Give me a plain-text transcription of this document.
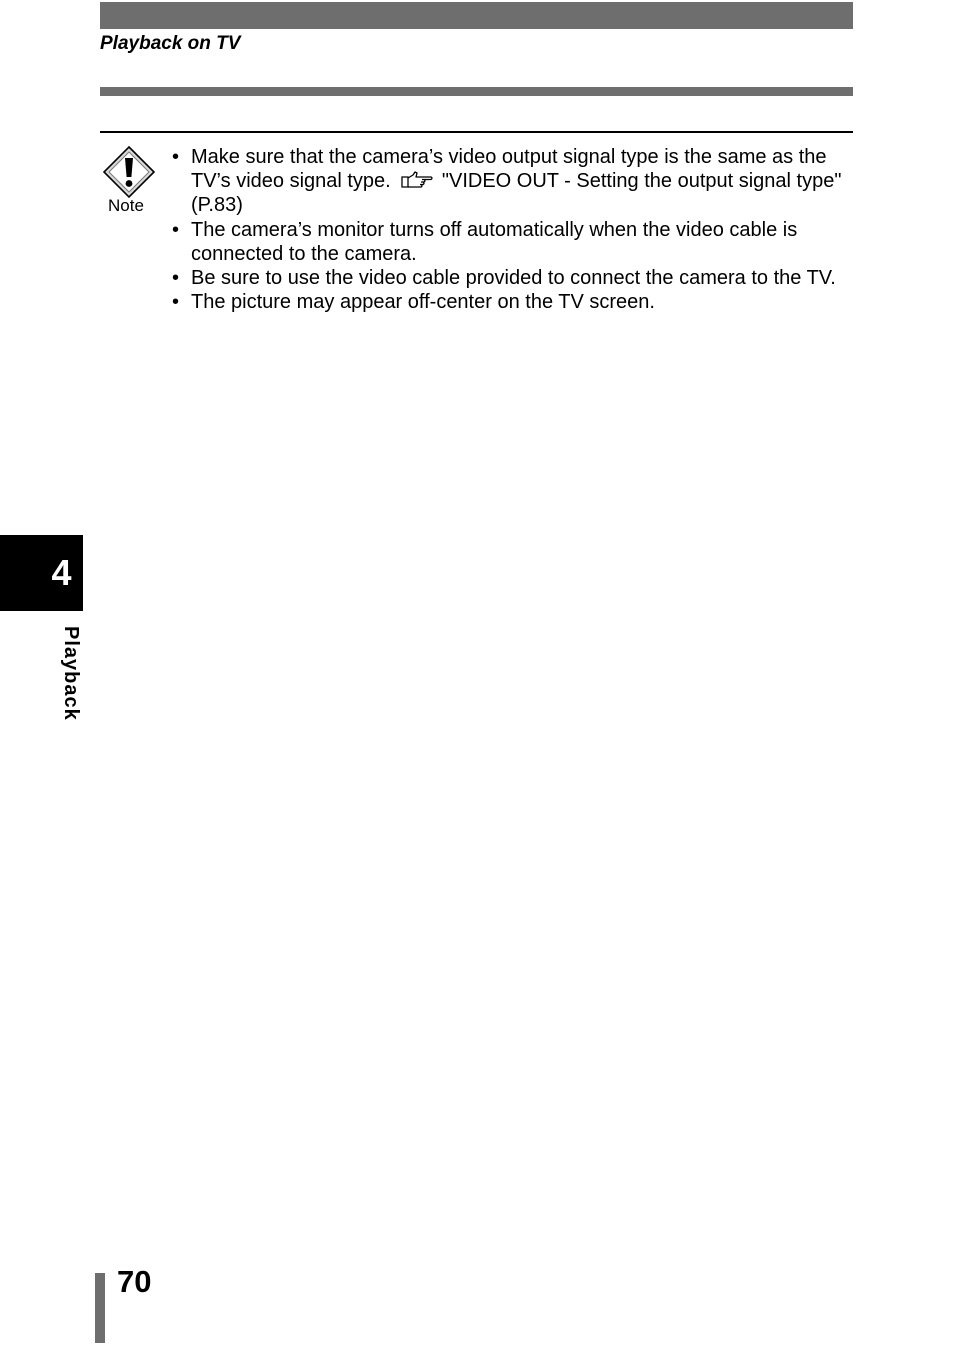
Playback on TV
Note
• Make sure that the camera’s video output signal type is the same as the TV’s video signal type.	"VIDEO OUT - Setting the output signal type" (P.83)
• The camera’s monitor turns off automatically when the video cable is connected to the camera.
• Be sure to use the video cable provided to connect the camera to the TV.
• The picture may appear off-center on the TV screen.
4
Playback
70
